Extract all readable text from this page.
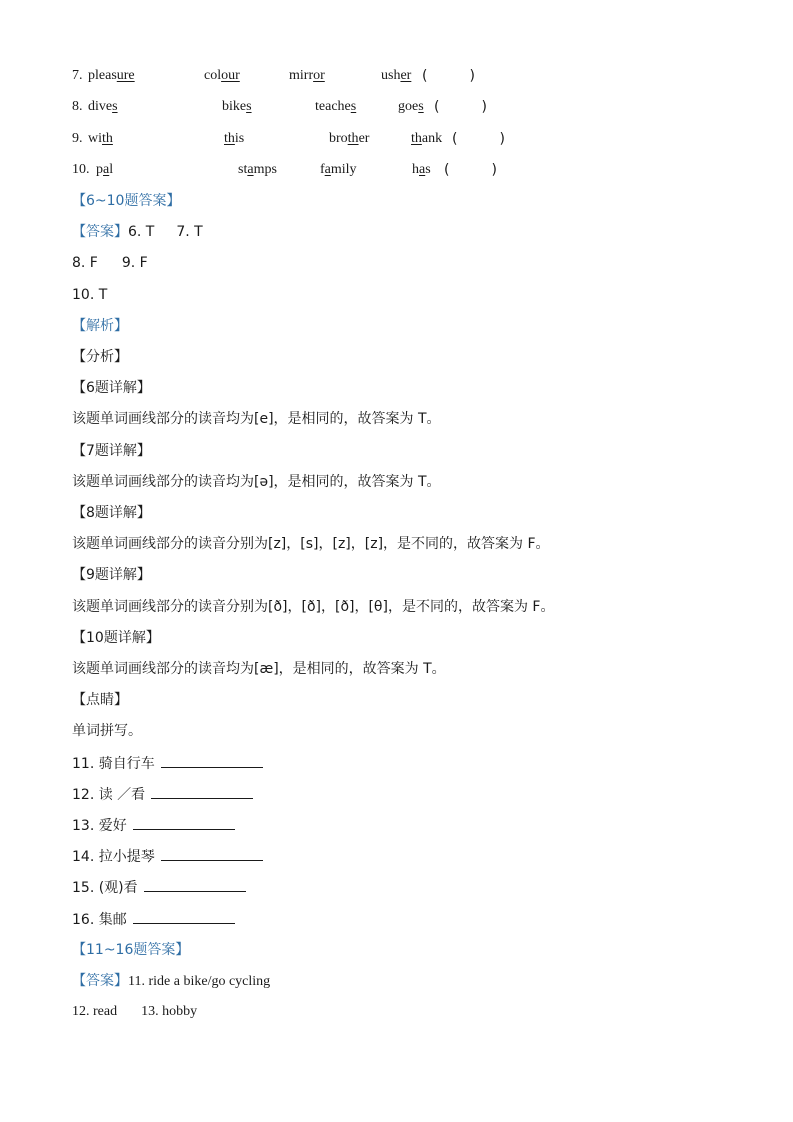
7. pleasure	colour	mirror	usher (　　　)
8. dives	bikes	teaches	goes (　　　)
9. with	this	brother	thank (　　　)
10. pal	stamps	family	has (　　　)
【6~10题答案】
【答案】6. T 7. T
8. F 9. F
10. T
【解析】
【分析】
【6题详解】
该题单词画线部分的读音均为[e]，是相同的，故答案为 T。
【7题详解】
该题单词画线部分的读音均为[ə]，是相同的，故答案为 T。
【8题详解】
该题单词画线部分的读音分别为[z]，[s]，[z]，[z]，是不同的，故答案为 F。
【9题详解】
该题单词画线部分的读音分别为[ð]，[ð]，[ð]，[θ]，是不同的，故答案为 F。
【10题详解】
该题单词画线部分的读音均为[æ]，是相同的，故答案为 T。
【点睛】
单词拼写。
11. 骑自行车
12. 读 ／看
13. 爱好
14. 拉小提琴
15. (观)看
16. 集邮
【11~16题答案】
【答案】11. ride a bike/go cycling
12. read 13. hobby
